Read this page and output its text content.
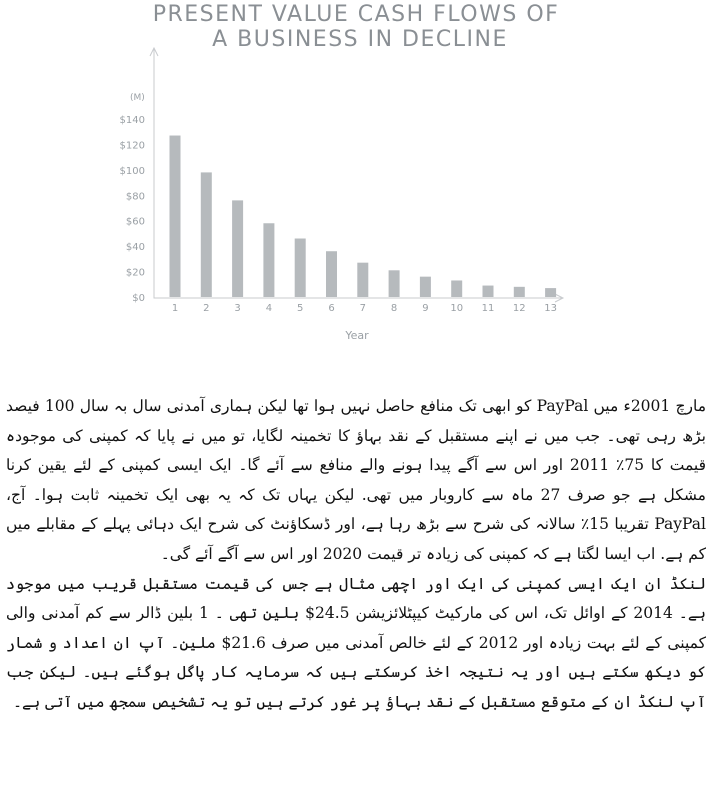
PRESENT VALUE CASH FLOWS OF
A BUSINESS IN DECLINE
(M)
$0
$20
$40
$60
$80
$100
$120
$140
1 2 3 4 5 6 7 8 9 10 11 12 13
Year

مارچ 2001ء میں PayPal کو ابھی تک منافع حاصل نہیں ہوا تھا لیکن ہماری آمدنی سال بہ سال 100 فیصد بڑھ رہی تھی۔ جب میں نے اپنے مستقبل کے نقد بہاؤ کا تخمینہ لگایا، تو میں نے پایا کہ کمپنی کی موجودہ قیمت کا 75٪ 2011 اور اس سے آگے پیدا ہونے والے منافع سے آئے گا۔ ایک ایسی کمپنی کے لئے یقین کرنا مشکل ہے جو صرف 27 ماہ سے کاروبار میں تھی. لیکن یہاں تک کہ یہ بھی ایک تخمینہ ثابت ہوا۔ آج، PayPal تقریبا 15٪ سالانہ کی شرح سے بڑھ رہا ہے، اور ڈسکاؤنٹ کی شرح ایک دہائی پہلے کے مقابلے میں کم ہے. اب ایسا لگتا ہے کہ کمپنی کی زیادہ تر قیمت 2020 اور اس سے آگے آئے گی۔

لنکڈ ان ایک ایسی کمپنی کی ایک اور اچھی مثال ہے جس کی قیمت مستقبل قریب میں موجود ہے۔ 2014 کے اوائل تک، اس کی مارکیٹ کیپٹلائزیشن 24.5$ بلین تھی ۔ 1 بلین ڈالر سے کم آمدنی والی کمپنی کے لئے بہت زیادہ اور 2012 کے لئے خالص آمدنی میں صرف 21.6$ ملین۔ آپ ان اعداد و شمار کو دیکھ سکتے ہیں اور یہ نتیجہ اخذ کرسکتے ہیں کہ سرمایہ کار پاگل ہوگئے ہیں۔ لیکن جب آپ لنکڈ ان کے متوقع مستقبل کے نقد بہاؤ پر غور کرتے ہیں تو یہ تشخیص سمجھ میں آتی ہے۔
